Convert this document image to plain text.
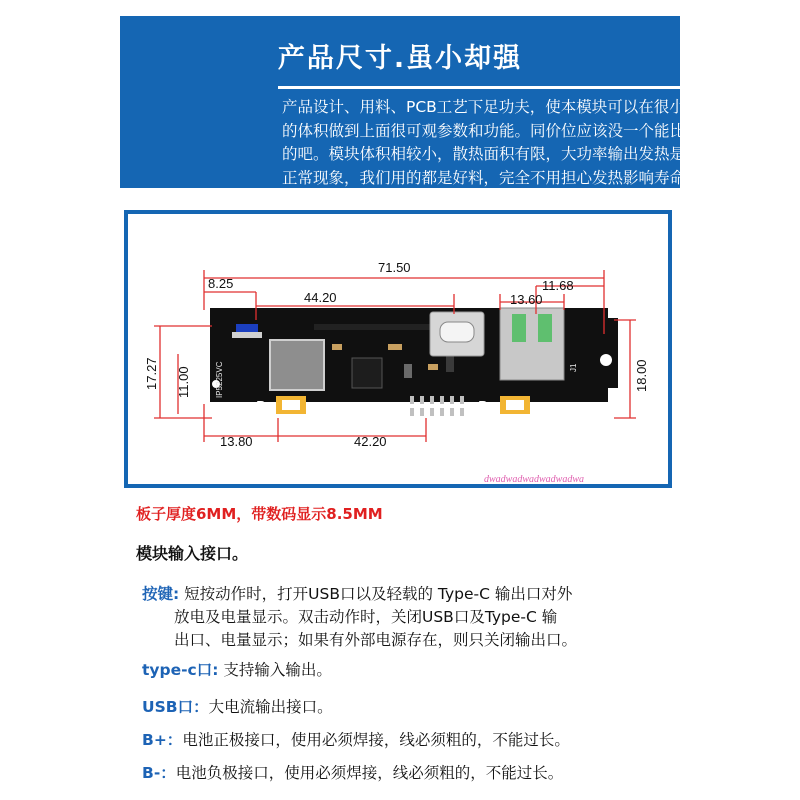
产品尺寸.虽小却强
产品设计、用料、PCB工艺下足功夫，使本模块可以在很小
的体积做到上面很可观参数和功能。同价位应该没一个能比
的吧。模块体积相较小，散热面积有限，大功率输出发热是
正常现象，我们用的都是好料，完全不用担心发热影响寿命。
IP5225VC
B+	B-
J1
71.50
8.25
44.20
11.68
13.60
17.27 11.00	18.00
13.80	42.20
dwadwadwadwadwadwa
板子厚度6MM，带数码显示8.5MM
模块输入接口。
按键: 短按动作时，打开USB口以及轻载的 Type-C 输出口对外
放电及电量显示。双击动作时，关闭USB口及Type-C 输
出口、电量显示；如果有外部电源存在，则只关闭输出口。
type-c口: 支持输入输出。
USB口：大电流输出接口。
B+：电池正极接口，使用必须焊接，线必须粗的，不能过长。
B-：电池负极接口，使用必须焊接，线必须粗的，不能过长。
